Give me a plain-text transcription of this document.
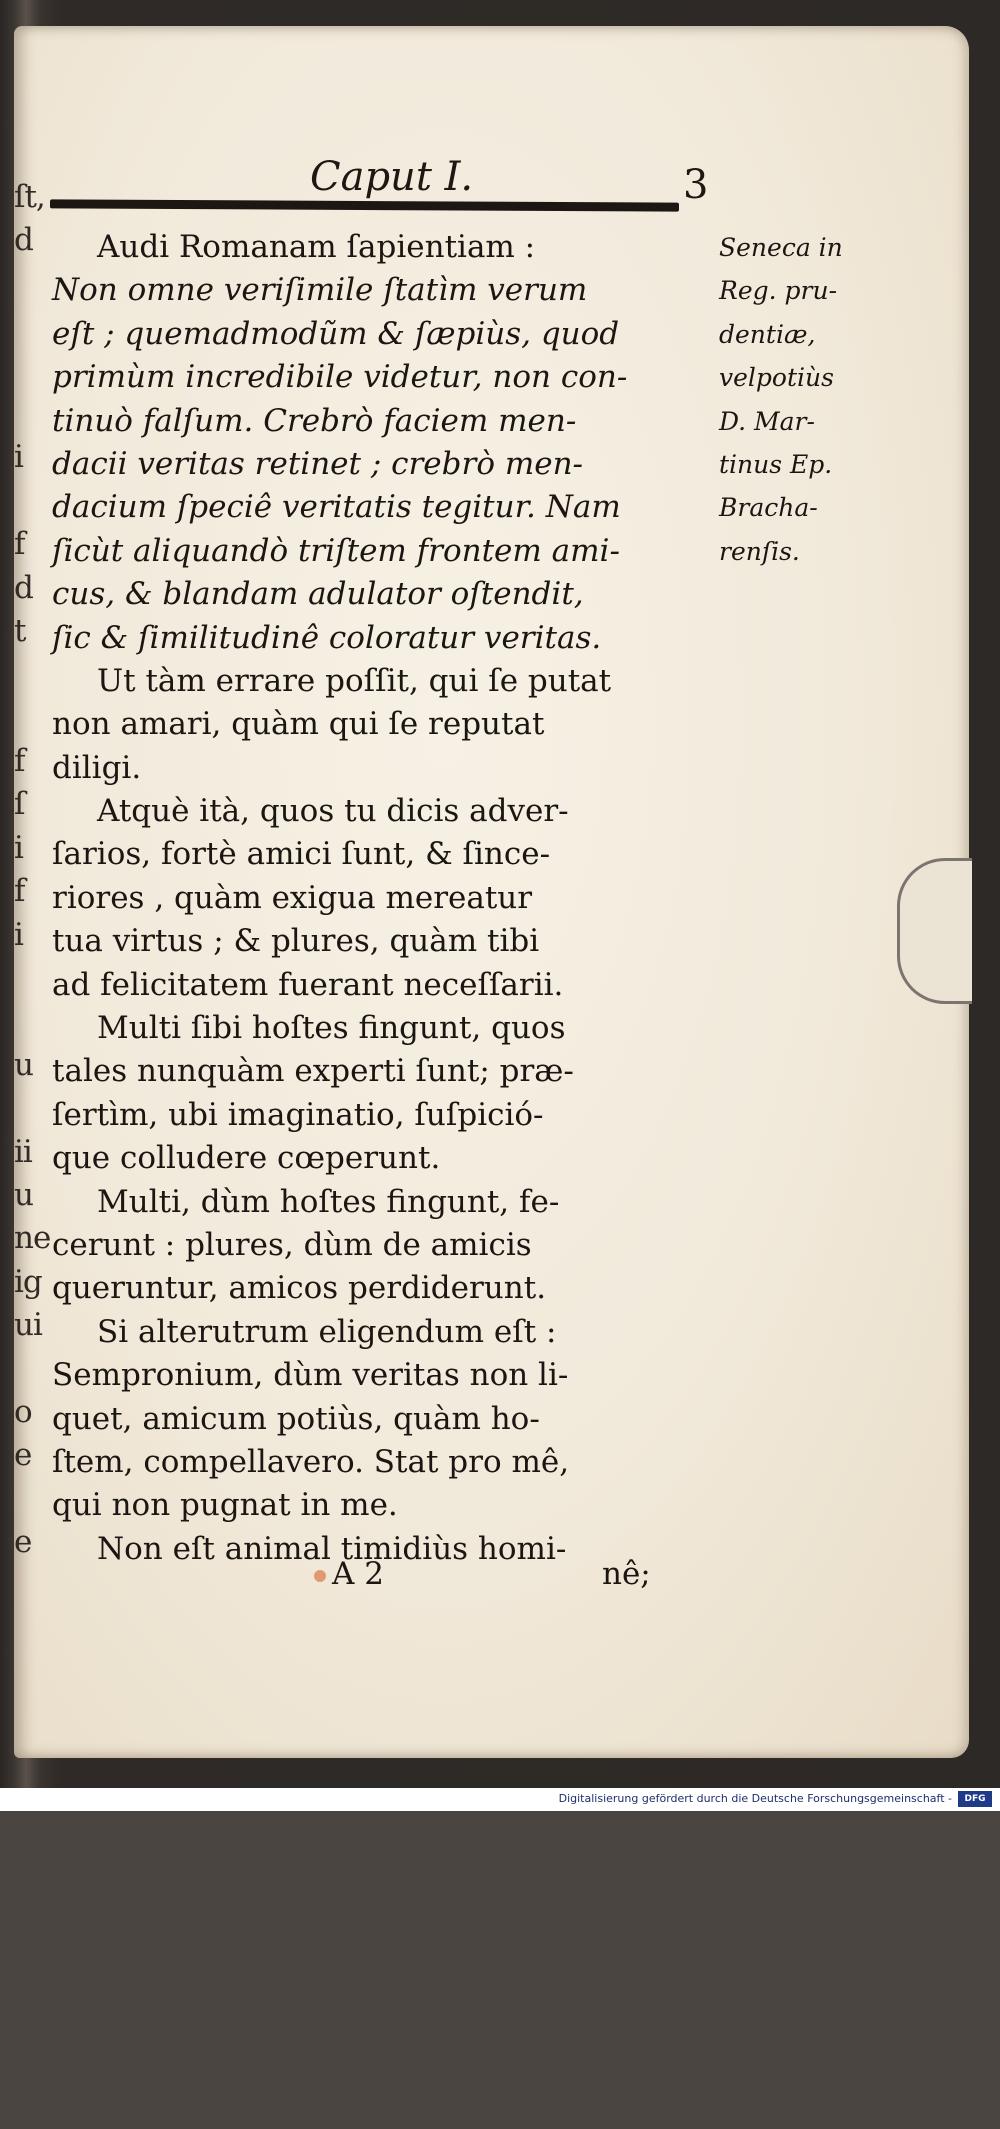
ſt,
d
i
f
d
t
f
ſ
i
f
i
u
ii
u
ne
ig
ui
o
e
e

Caput I.	3
Audi Romanam ſapientiam :
Non omne veriſimile ſtatìm verum
eſt ; quemadmodũm & ſæpiùs, quod
primùm incredibile videtur, non con-
tinuò falſum. Crebrò faciem men-
dacii veritas retinet ; crebrò men-
dacium ſpeciê veritatis tegitur. Nam
ſicùt aliquandò triſtem frontem ami-
cus, & blandam adulator oſtendit,
ſic & ſimilitudinê coloratur veritas.
Ut tàm errare poſſit, qui ſe putat
non amari, quàm qui ſe reputat
diligi.
Atquè ità, quos tu dicis adver-
ſarios, fortè amici ſunt, & ſince-
riores , quàm exigua mereatur
tua virtus ; & plures, quàm tibi
ad felicitatem fuerant neceſſarii.
Multi ſibi hoſtes fingunt, quos
tales nunquàm experti ſunt; præ-
ſertìm, ubi imaginatio, ſuſpició-
que colludere cœperunt.
Multi, dùm hoſtes fingunt, fe-
cerunt : plures, dùm de amicis
queruntur, amicos perdiderunt.
Si alterutrum eligendum eſt :
Sempronium, dùm veritas non li-
quet, amicum potiùs, quàm ho-
ſtem, compellavero. Stat pro mê,
qui non pugnat in me.
Non eſt animal timidiùs homi-
Seneca in
Reg. pru-
dentiæ,
velpotiùs
D. Mar-
tinus Ep.
Bracha-
renſis.
A 2	nê;
Digitalisierung gefördert durch die Deutsche Forschungsgemeinschaft -	DFG
